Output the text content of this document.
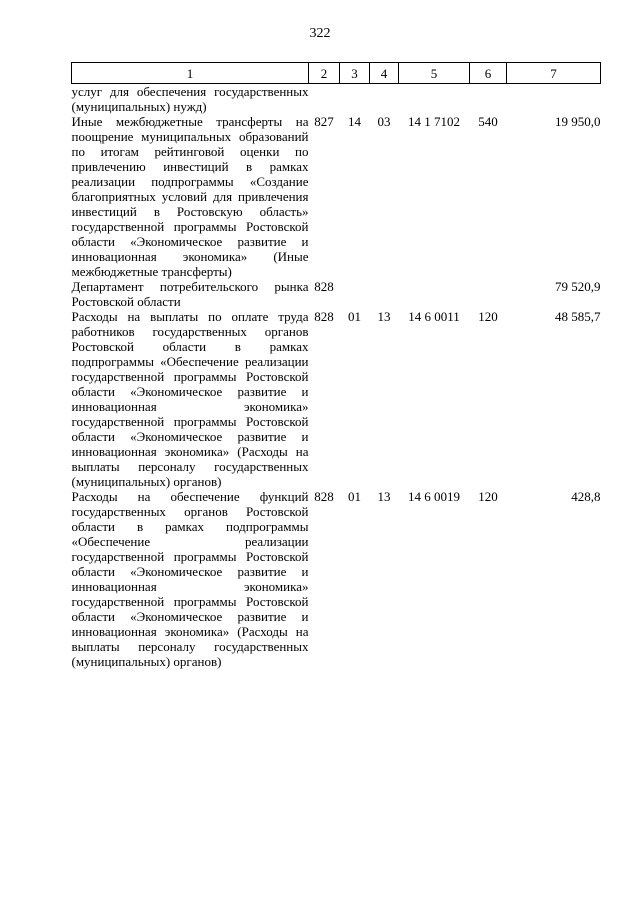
322
1	2	3	4	5	6	7
услуг для обеспечения государственных (муниципальных) нужд)						
Иные межбюджетные трансферты на поощрение муниципальных образований по итогам рейтинговой оценки по привлечению инвестиций в рамках реализации подпрограммы «Создание благоприятных условий для привлечения инвестиций в Ростовскую область» государственной программы Ростовской области «Экономическое развитие и инновационная экономика» (Иные межбюджетные трансферты)	827	14	03	14 1 7102	540	19 950,0
Департамент потребительского рынка Ростовской области	828					79 520,9
Расходы на выплаты по оплате труда работников государственных органов Ростовской области в рамках подпрограммы «Обеспечение реализации государственной программы Ростовской области «Экономическое развитие и инновационная экономика» государственной программы Ростовской области «Экономическое развитие и инновационная экономика» (Расходы на выплаты персоналу государственных (муниципальных) органов)	828	01	13	14 6 0011	120	48 585,7
Расходы на обеспечение функций государственных органов Ростовской области в рамках подпрограммы «Обеспечение реализации государственной программы Ростовской области «Экономическое развитие и инновационная экономика» государственной программы Ростовской области «Экономическое развитие и инновационная экономика» (Расходы на выплаты персоналу государственных (муниципальных) органов)	828	01	13	14 6 0019	120	428,8
